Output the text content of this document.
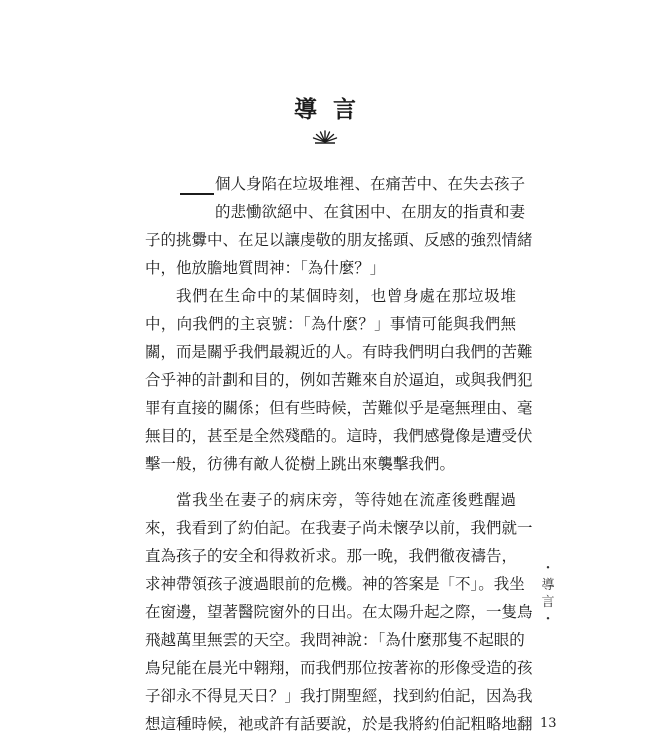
導言
個人身陷在垃圾堆裡、在痛苦中、在失去孩子
的悲慟欲絕中、在貧困中、在朋友的指責和妻
子的挑釁中、在足以讓虔敬的朋友搖頭、反感的強烈情緒
中，他放膽地質問神：「為什麼？」
我們在生命中的某個時刻，也曾身處在那垃圾堆
中，向我們的主哀號：「為什麼？」事情可能與我們無
關，而是關乎我們最親近的人。有時我們明白我們的苦難
合乎神的計劃和目的，例如苦難來自於逼迫，或與我們犯
罪有直接的關係；但有些時候，苦難似乎是毫無理由、毫
無目的，甚至是全然殘酷的。這時，我們感覺像是遭受伏
擊一般，彷彿有敵人從樹上跳出來襲擊我們。
當我坐在妻子的病床旁，等待她在流產後甦醒過
來，我看到了約伯記。在我妻子尚未懷孕以前，我們就一
直為孩子的安全和得救祈求。那一晚，我們徹夜禱告，
求神帶領孩子渡過眼前的危機。神的答案是「不」。我坐
在窗邊，望著醫院窗外的日出。在太陽升起之際，一隻鳥
飛越萬里無雲的天空。我問神說：「為什麼那隻不起眼的
鳥兒能在晨光中翱翔，而我們那位按著祢的形像受造的孩
子卻永不得見天日？」我打開聖經，找到約伯記，因為我
想這種時候，祂或許有話要說，於是我將約伯記粗略地翻
・
導
言
・
13
